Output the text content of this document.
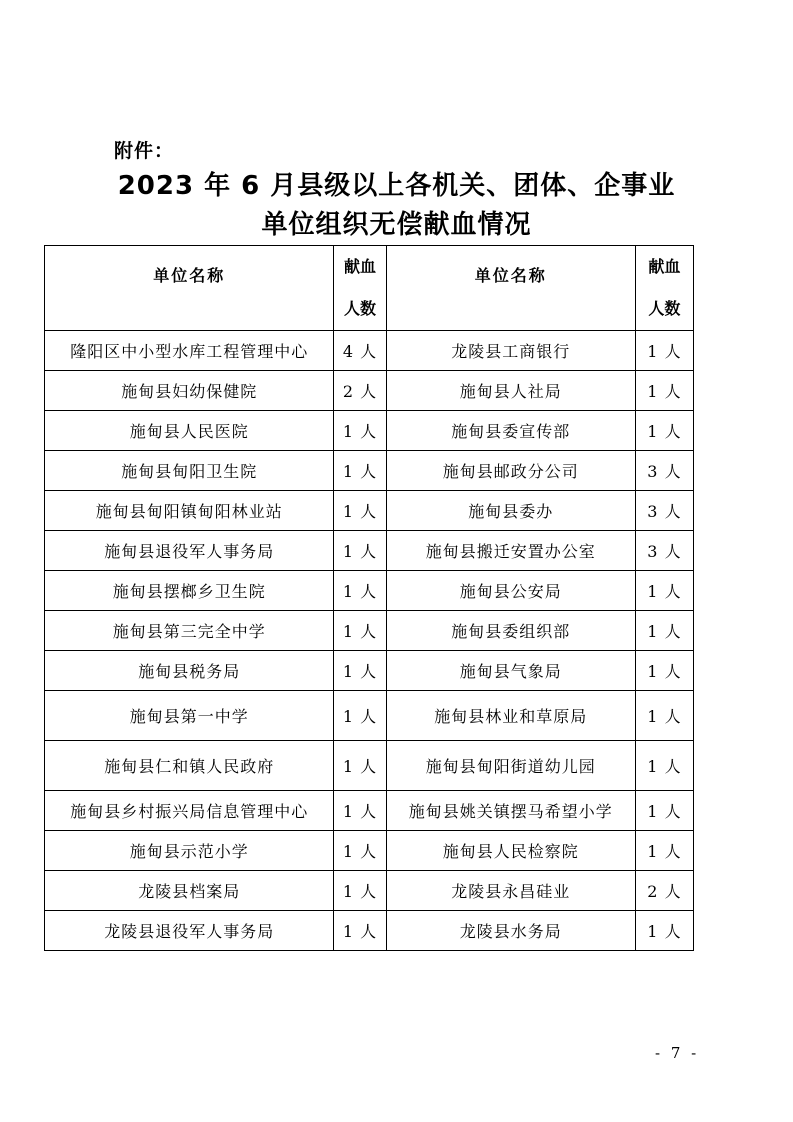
附件：
2023 年 6 月县级以上各机关、团体、企事业
单位组织无偿献血情况
单位名称	献血人数	单位名称	献血人数

隆阳区中小型水库工程管理中心	4 人	龙陵县工商银行	1 人
施甸县妇幼保健院	2 人	施甸县人社局	1 人
施甸县人民医院	1 人	施甸县委宣传部	1 人
施甸县甸阳卫生院	1 人	施甸县邮政分公司	3 人
施甸县甸阳镇甸阳林业站	1 人	施甸县委办	3 人
施甸县退役军人事务局	1 人	施甸县搬迁安置办公室	3 人
施甸县摆榔乡卫生院	1 人	施甸县公安局	1 人
施甸县第三完全中学	1 人	施甸县委组织部	1 人
施甸县税务局	1 人	施甸县气象局	1 人
施甸县第一中学	1 人	施甸县林业和草原局	1 人
施甸县仁和镇人民政府	1 人	施甸县甸阳街道幼儿园	1 人
施甸县乡村振兴局信息管理中心	1 人	施甸县姚关镇摆马希望小学	1 人
施甸县示范小学	1 人	施甸县人民检察院	1 人
龙陵县档案局	1 人	龙陵县永昌硅业	2 人
龙陵县退役军人事务局	1 人	龙陵县水务局	1 人
- 7 -
